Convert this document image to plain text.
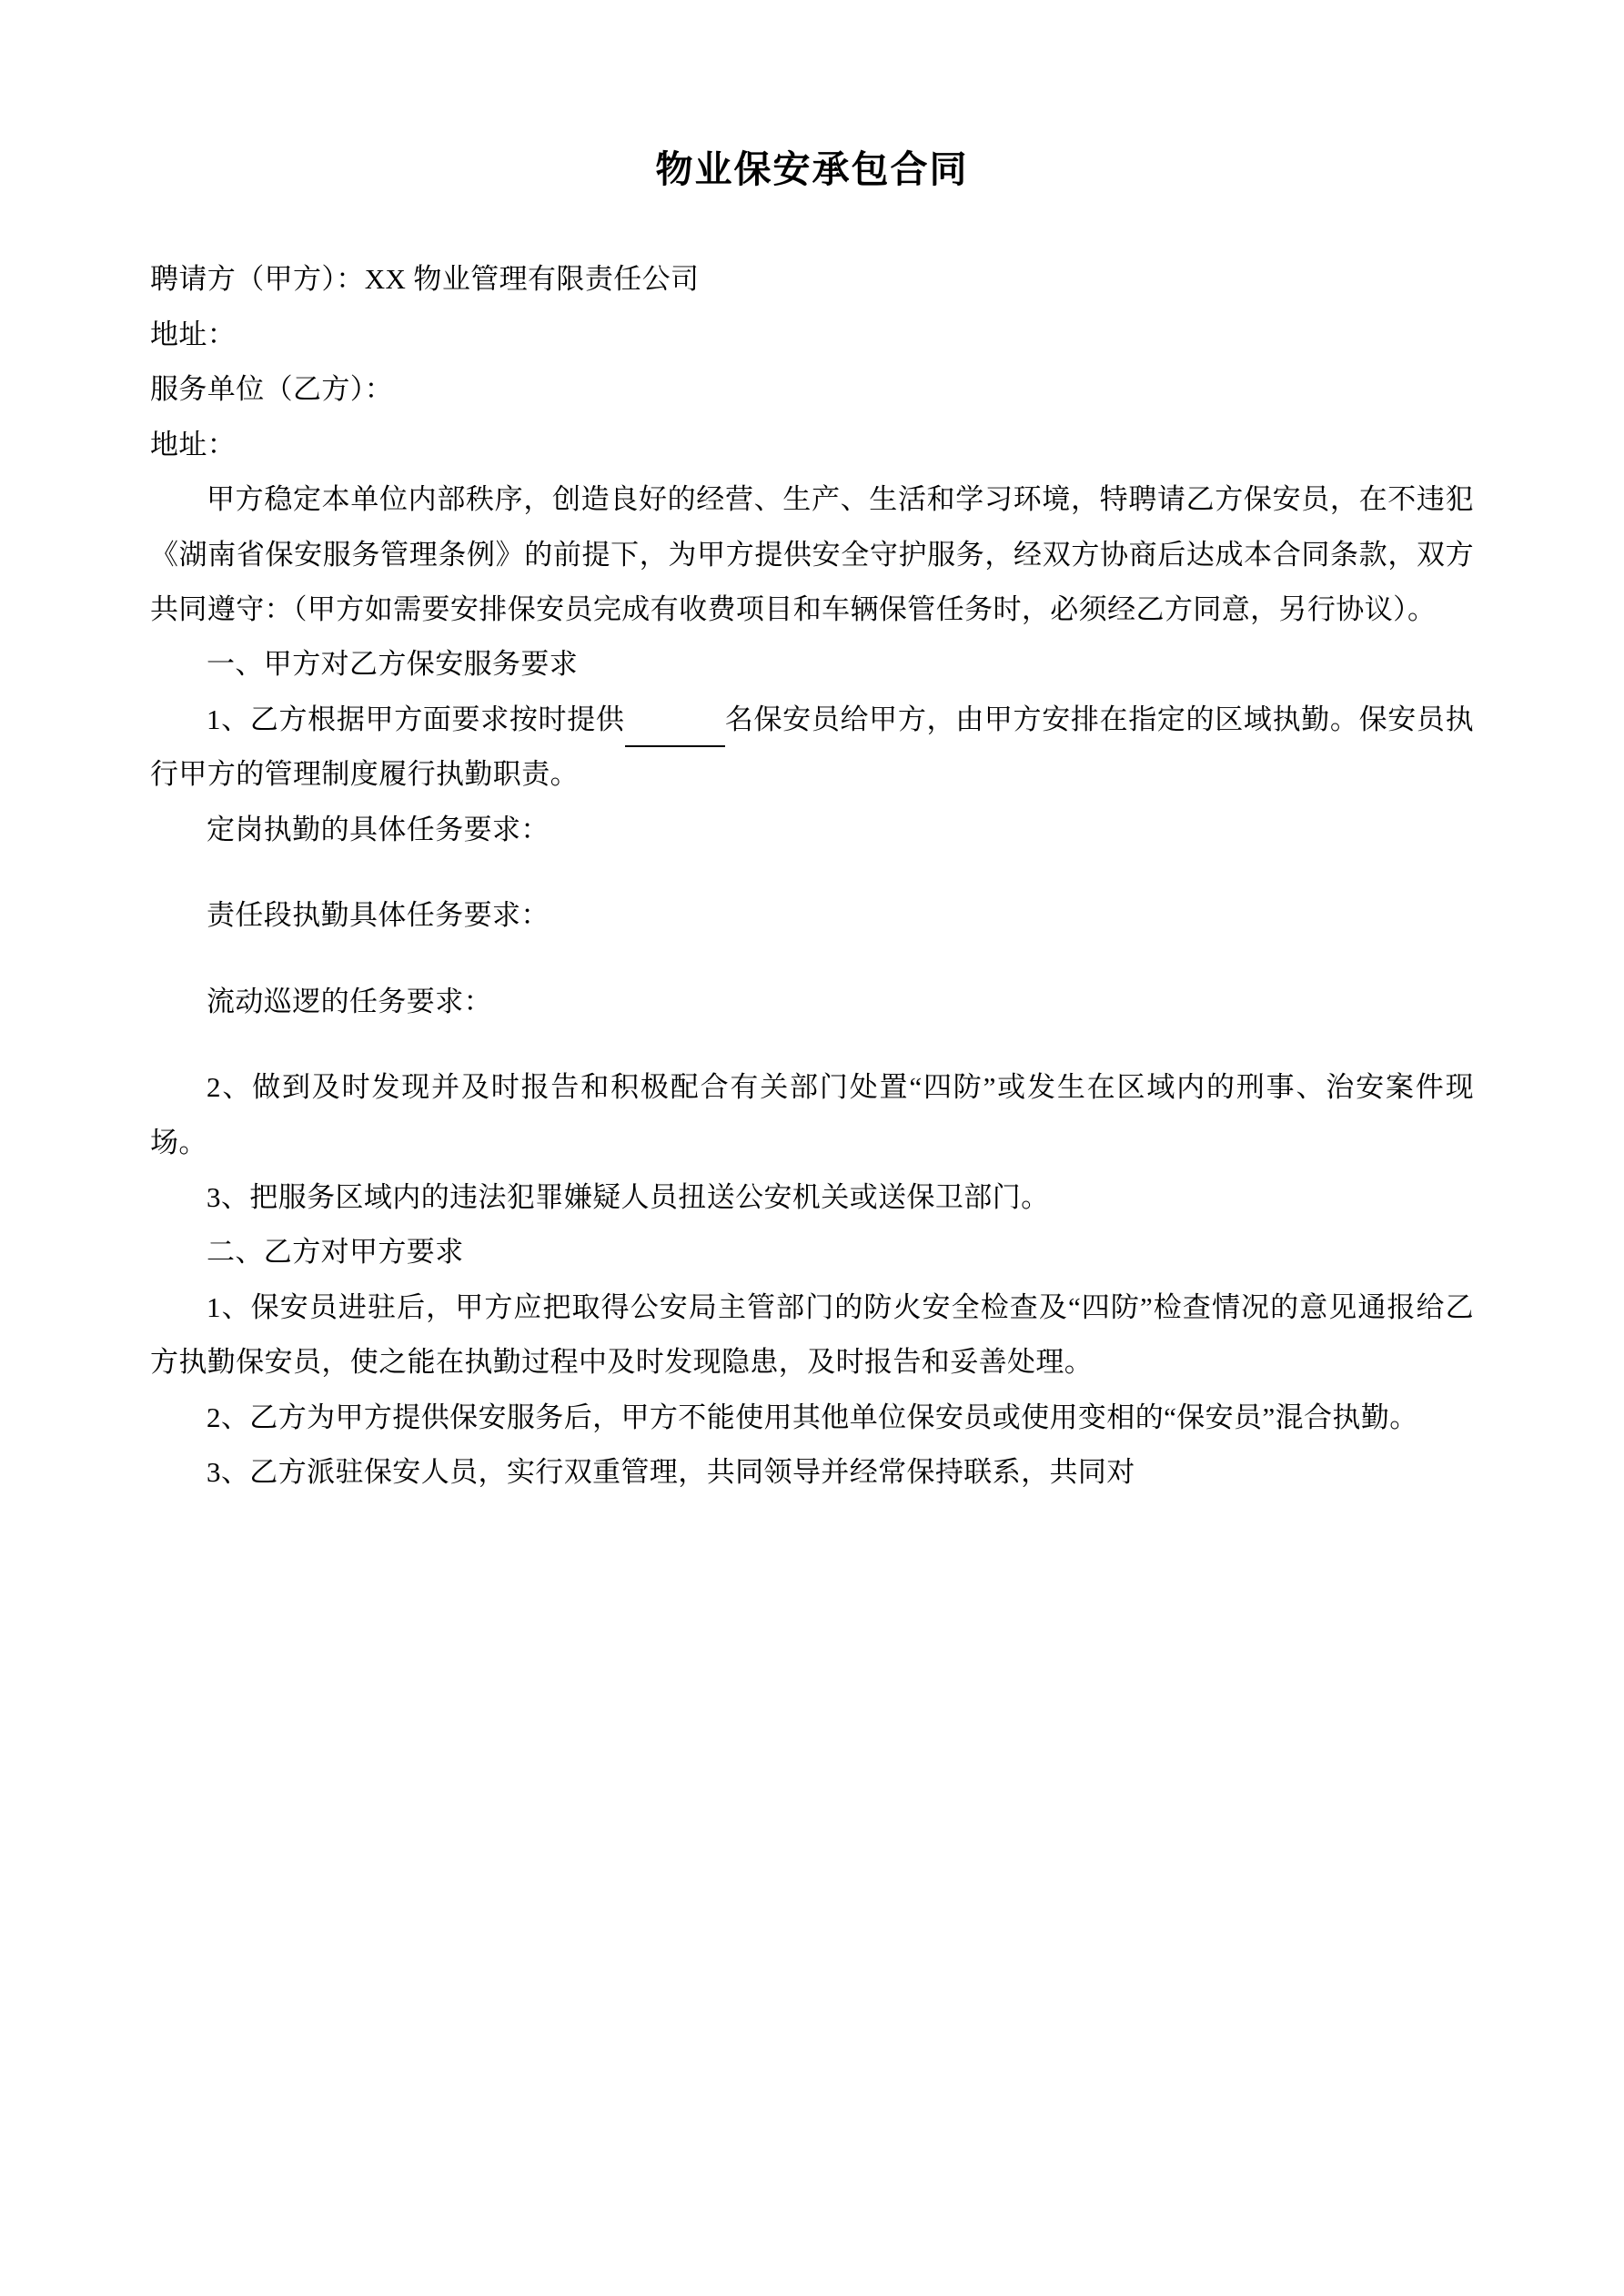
物业保安承包合同

聘请方（甲方）：XX 物业管理有限责任公司

地址：

服务单位（乙方）：

地址：

甲方稳定本单位内部秩序，创造良好的经营、生产、生活和学习环境，特聘请乙方保安员，在不违犯《湖南省保安服务管理条例》的前提下，为甲方提供安全守护服务，经双方协商后达成本合同条款，双方共同遵守：（甲方如需要安排保安员完成有收费项目和车辆保管任务时，必须经乙方同意，另行协议）。

一、甲方对乙方保安服务要求

1、乙方根据甲方面要求按时提供	名保安员给甲方，由甲方安排在指定的区域执勤。保安员执行甲方的管理制度履行执勤职责。

定岗执勤的具体任务要求：

责任段执勤具体任务要求：

流动巡逻的任务要求：

2、做到及时发现并及时报告和积极配合有关部门处置“四防”或发生在区域内的刑事、治安案件现场。

3、把服务区域内的违法犯罪嫌疑人员扭送公安机关或送保卫部门。

二、乙方对甲方要求

1、保安员进驻后，甲方应把取得公安局主管部门的防火安全检查及“四防”检查情况的意见通报给乙方执勤保安员，使之能在执勤过程中及时发现隐患，及时报告和妥善处理。

2、乙方为甲方提供保安服务后，甲方不能使用其他单位保安员或使用变相的“保安员”混合执勤。

3、乙方派驻保安人员，实行双重管理，共同领导并经常保持联系，共同对
